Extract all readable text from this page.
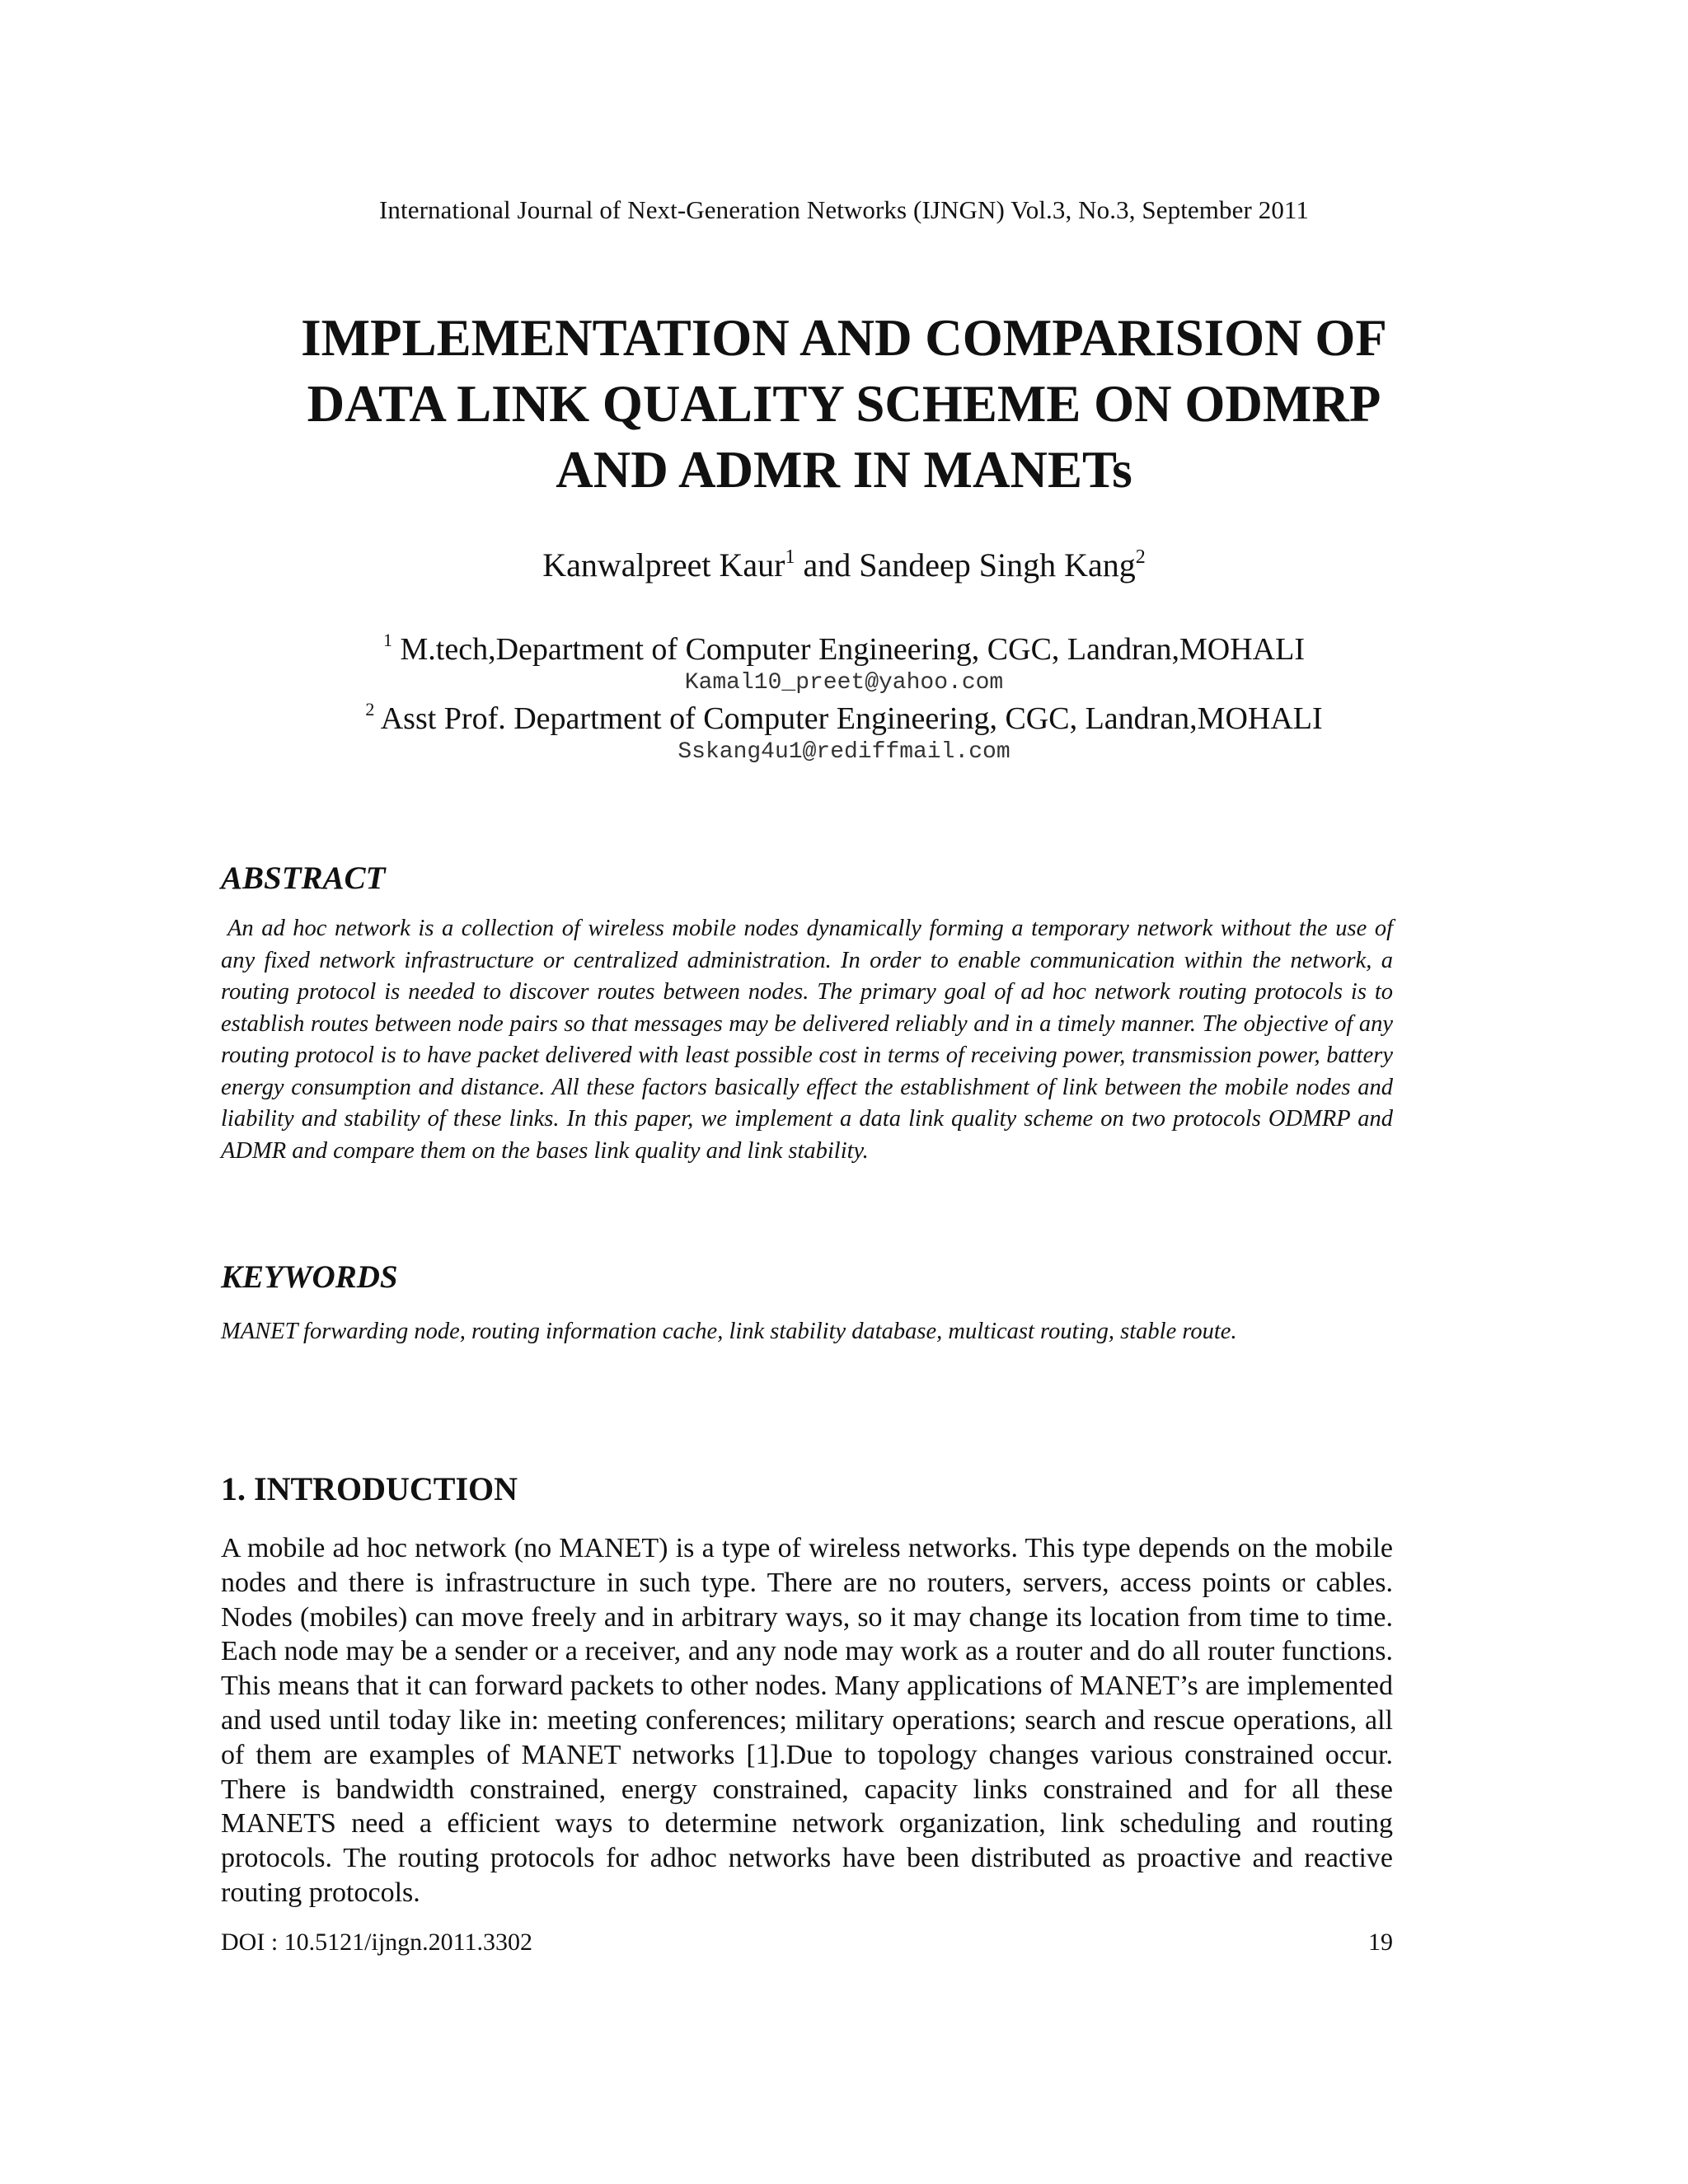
International Journal of Next-Generation Networks (IJNGN) Vol.3, No.3, September 2011
IMPLEMENTATION AND COMPARISION OF
DATA LINK QUALITY SCHEME ON ODMRP
AND ADMR IN MANETs
Kanwalpreet Kaur$^1$ and Sandeep Singh Kang$^2$
$^1$ M.tech,Department of Computer Engineering, CGC, Landran,MOHALI
Kamal10_preet@yahoo.com
$^2$ Asst Prof. Department of Computer Engineering, CGC, Landran,MOHALI
Sskang4u1@rediffmail.com
ABSTRACT
An ad hoc network is a collection of wireless mobile nodes dynamically forming a temporary network without the use of any fixed network infrastructure or centralized administration. In order to enable communication within the network, a routing protocol is needed to discover routes between nodes. The primary goal of ad hoc network routing protocols is to establish routes between node pairs so that messages may be delivered reliably and in a timely manner. The objective of any routing protocol is to have packet delivered with least possible cost in terms of receiving power, transmission power, battery energy consumption and distance. All these factors basically effect the establishment of link between the mobile nodes and liability and stability of these links. In this paper, we implement a data link quality scheme on two protocols ODMRP and ADMR and compare them on the bases link quality and link stability.
KEYWORDS
MANET forwarding node, routing information cache, link stability database, multicast routing, stable route.
1. INTRODUCTION
A mobile ad hoc network (no MANET) is a type of wireless networks. This type depends on the mobile nodes and there is infrastructure in such type. There are no routers, servers, access points or cables. Nodes (mobiles) can move freely and in arbitrary ways, so it may change its location from time to time. Each node may be a sender or a receiver, and any node may work as a router and do all router functions. This means that it can forward packets to other nodes. Many applications of MANET’s are implemented and used until today like in: meeting conferences; military operations; search and rescue operations, all of them are examples of MANET networks [1].Due to topology changes various constrained occur. There is bandwidth constrained, energy constrained, capacity links constrained and for all these MANETS need a efficient ways to determine network organization, link scheduling and routing protocols. The routing protocols for adhoc networks have been distributed as proactive and reactive routing protocols.
DOI : 10.5121/ijngn.2011.3302	19
